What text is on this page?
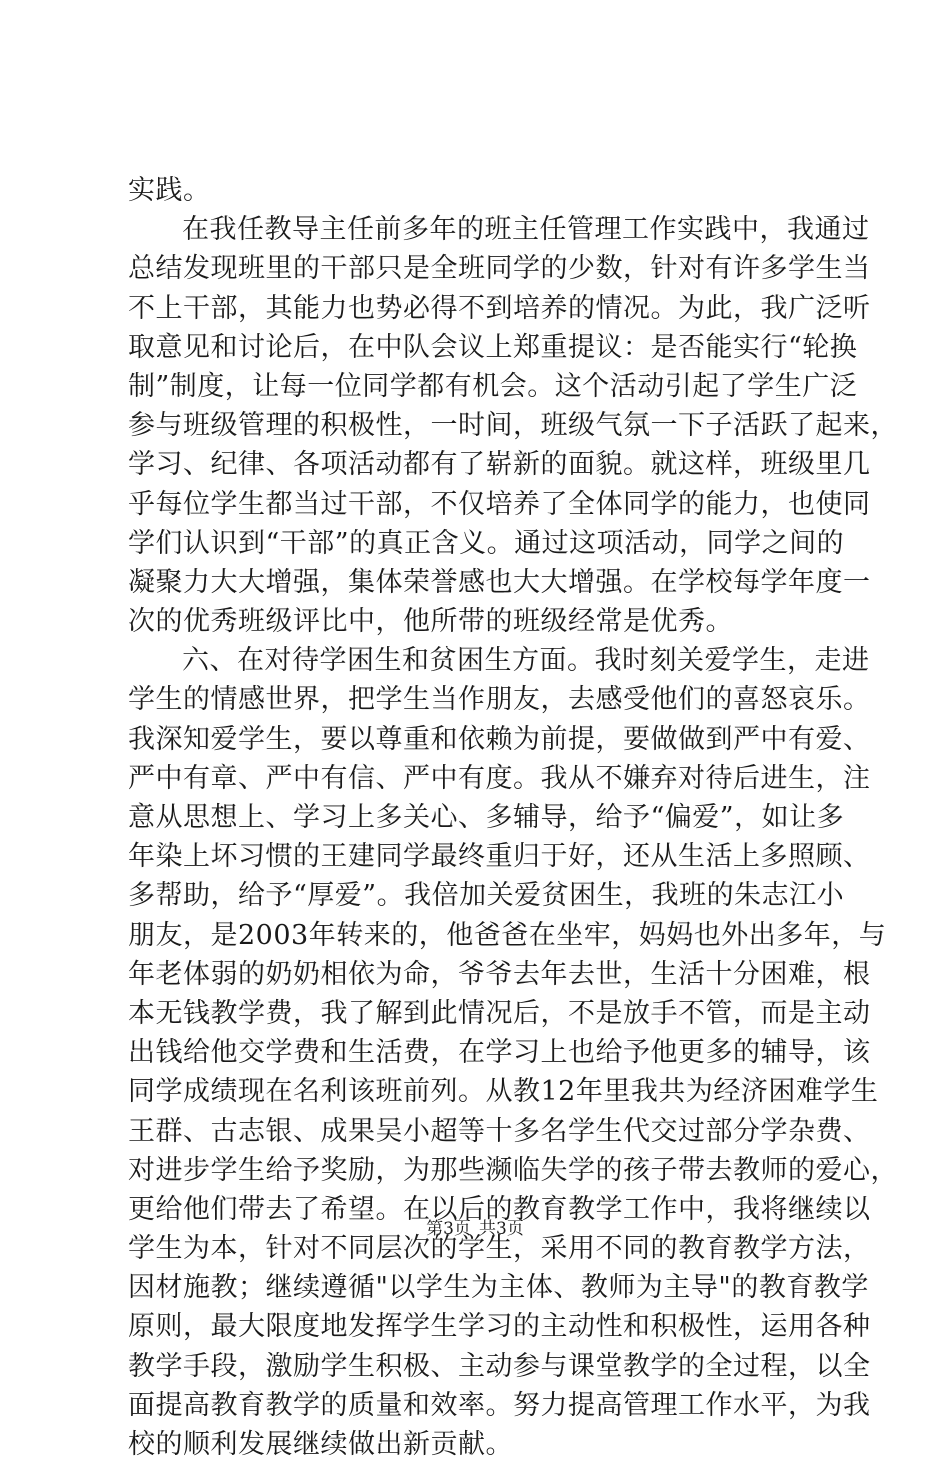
实践。
在我任教导主任前多年的班主任管理工作实践中，我通过
总结发现班里的干部只是全班同学的少数，针对有许多学生当
不上干部，其能力也势必得不到培养的情况。为此，我广泛听
取意见和讨论后，在中队会议上郑重提议：是否能实行“轮换
制”制度，让每一位同学都有机会。这个活动引起了学生广泛
参与班级管理的积极性，一时间，班级气氛一下子活跃了起来，
学习、纪律、各项活动都有了崭新的面貌。就这样，班级里几
乎每位学生都当过干部，不仅培养了全体同学的能力，也使同
学们认识到“干部”的真正含义。通过这项活动，同学之间的
凝聚力大大增强，集体荣誉感也大大增强。在学校每学年度一
次的优秀班级评比中，他所带的班级经常是优秀。
六、在对待学困生和贫困生方面。我时刻关爱学生，走进
学生的情感世界，把学生当作朋友，去感受他们的喜怒哀乐。
我深知爱学生，要以尊重和依赖为前提，要做做到严中有爱、
严中有章、严中有信、严中有度。我从不嫌弃对待后进生，注
意从思想上、学习上多关心、多辅导，给予“偏爱”，如让多
年染上坏习惯的王建同学最终重归于好，还从生活上多照顾、
多帮助，给予“厚爱”。我倍加关爱贫困生，我班的朱志江小
朋友，是2003年转来的，他爸爸在坐牢，妈妈也外出多年，与
年老体弱的奶奶相依为命，爷爷去年去世，生活十分困难，根
本无钱教学费，我了解到此情况后，不是放手不管，而是主动
出钱给他交学费和生活费，在学习上也给予他更多的辅导，该
同学成绩现在名利该班前列。从教12年里我共为经济困难学生
王群、古志银、成果吴小超等十多名学生代交过部分学杂费、
对进步学生给予奖励，为那些濒临失学的孩子带去教师的爱心，
更给他们带去了希望。在以后的教育教学工作中，我将继续以
学生为本，针对不同层次的学生，采用不同的教育教学方法，
因材施教；继续遵循"以学生为主体、教师为主导"的教育教学
原则，最大限度地发挥学生学习的主动性和积极性，运用各种
教学手段，激励学生积极、主动参与课堂教学的全过程，以全
面提高教育教学的质量和效率。努力提高管理工作水平，为我
校的顺利发展继续做出新贡献。
第3页 共3页
